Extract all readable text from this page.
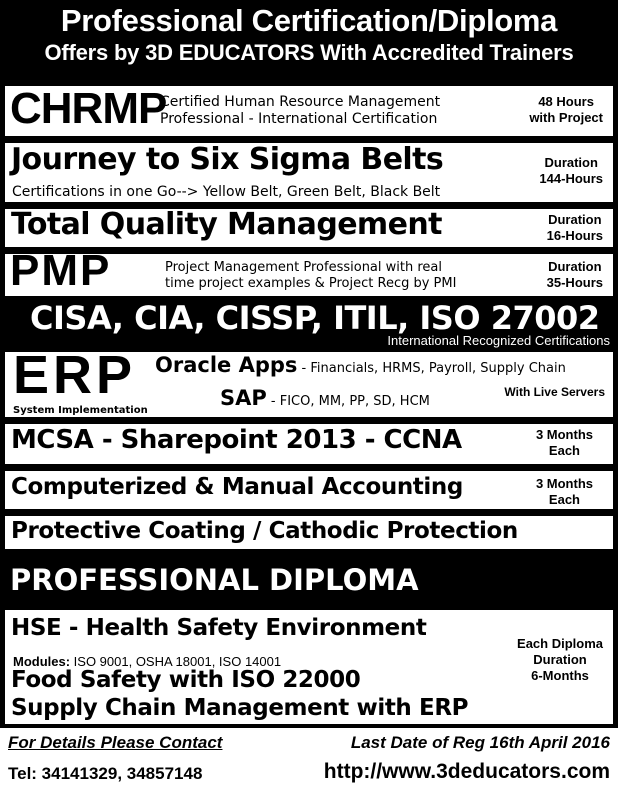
Professional Certification/Diploma
Offers by 3D EDUCATORS With Accredited Trainers
CHRMP
Certified Human Resource Management
Professional - International Certification
48 Hours
with Project
Journey to Six Sigma Belts
Certifications in one Go--> Yellow Belt, Green Belt, Black Belt
Duration
144-Hours
Total Quality Management	Duration
16-Hours
PMP	Project Management Professional with real
time project examples & Project Recg by PMI
Duration
35-Hours
CISA, CIA, CISSP, ITIL, ISO 27002
International Recognized Certifications
ERP
System Implementation
Oracle Apps - Financials, HRMS, Payroll, Supply Chain
SAP - FICO, MM, PP, SD, HCM
With Live Servers
MCSA - Sharepoint 2013 - CCNA	3 Months
Each
Computerized & Manual Accounting	3 Months
Each
Protective Coating / Cathodic Protection
PROFESSIONAL DIPLOMA
HSE - Health Safety Environment
Modules: ISO 9001, OSHA 18001, ISO 14001
Food Safety with ISO 22000
Supply Chain Management with ERP
Each Diploma
Duration
6-Months
For Details Please Contact	Last Date of Reg 16th April 2016
Tel: 34141329, 34857148	http://www.3deducators.com
